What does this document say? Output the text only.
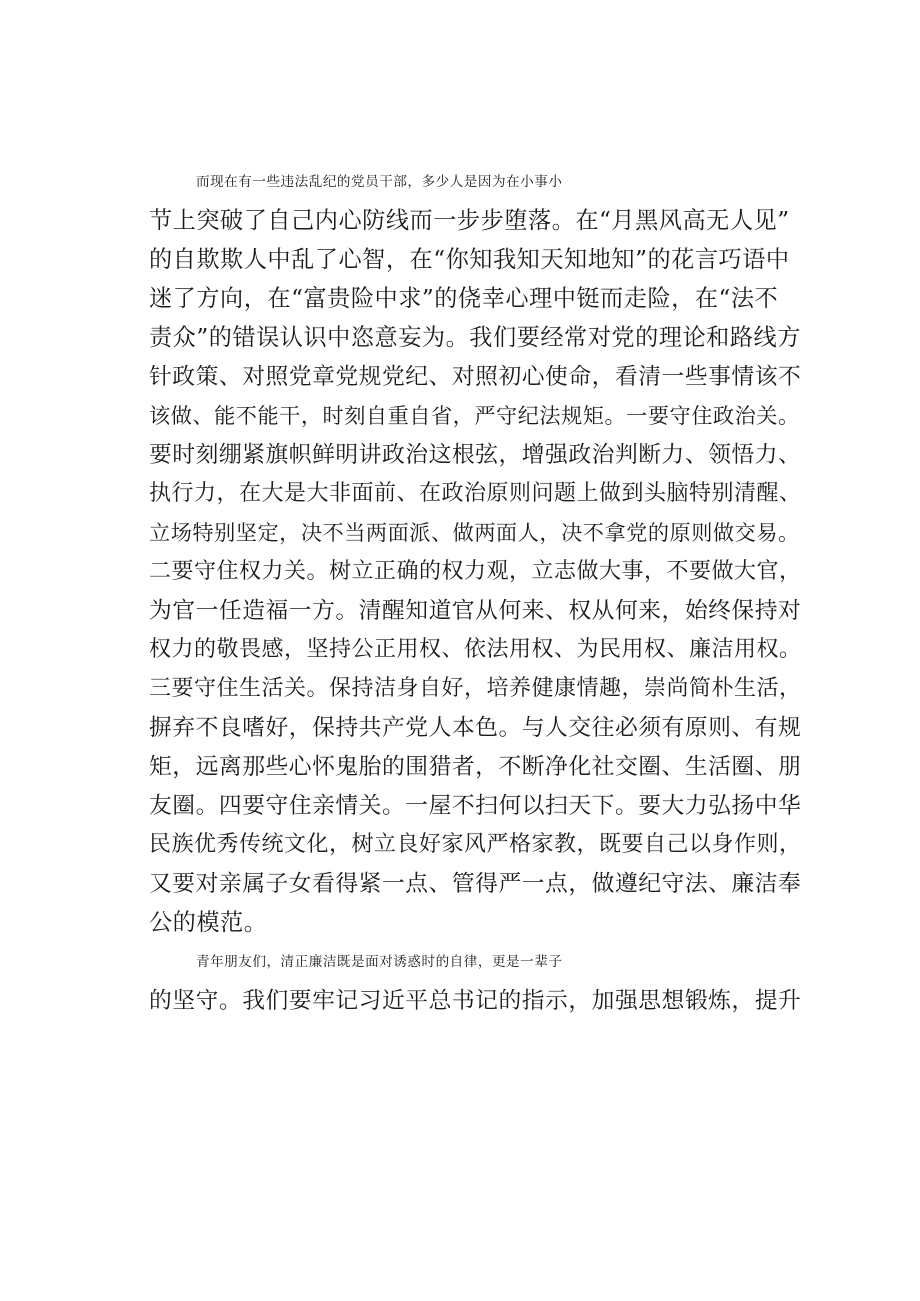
而现在有一些违法乱纪的党员干部，多少人是因为在小事小
节上突破了自己内心防线而一步步堕落。在“月黑风高无人见”
的自欺欺人中乱了心智，在“你知我知天知地知”的花言巧语中
迷了方向，在“富贵险中求”的侥幸心理中铤而走险，在“法不
责众”的错误认识中恣意妄为。我们要经常对党的理论和路线方
针政策、对照党章党规党纪、对照初心使命，看清一些事情该不
该做、能不能干，时刻自重自省，严守纪法规矩。一要守住政治关。
要时刻绷紧旗帜鲜明讲政治这根弦，增强政治判断力、领悟力、
执行力，在大是大非面前、在政治原则问题上做到头脑特别清醒、
立场特别坚定，决不当两面派、做两面人，决不拿党的原则做交易。
二要守住权力关。树立正确的权力观，立志做大事，不要做大官，
为官一任造福一方。清醒知道官从何来、权从何来，始终保持对
权力的敬畏感，坚持公正用权、依法用权、为民用权、廉洁用权。
三要守住生活关。保持洁身自好，培养健康情趣，崇尚简朴生活，
摒弃不良嗜好，保持共产党人本色。与人交往必须有原则、有规
矩，远离那些心怀鬼胎的围猎者，不断净化社交圈、生活圈、朋
友圈。四要守住亲情关。一屋不扫何以扫天下。要大力弘扬中华
民族优秀传统文化，树立良好家风严格家教，既要自己以身作则，
又要对亲属子女看得紧一点、管得严一点，做遵纪守法、廉洁奉
公的模范。
青年朋友们，清正廉洁既是面对诱惑时的自律，更是一辈子
的坚守。我们要牢记习近平总书记的指示，加强思想锻炼，提升
